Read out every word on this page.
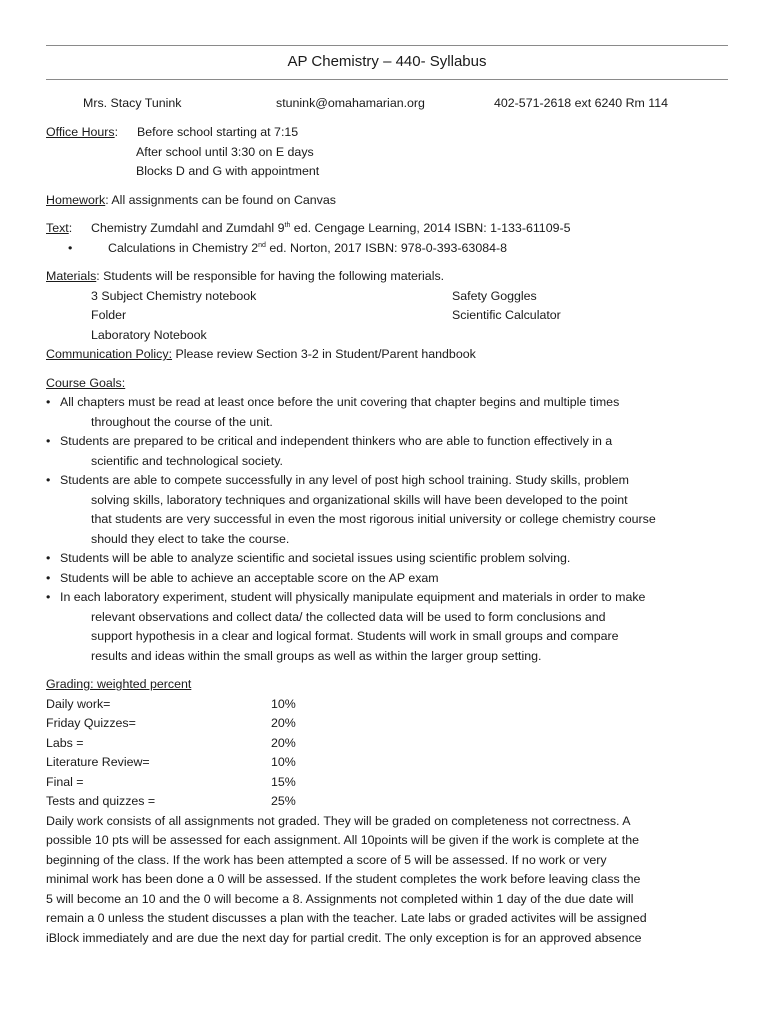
AP Chemistry – 440- Syllabus
Mrs. Stacy Tunink	stunink@omahamarian.org	402-571-2618 ext 6240 Rm 114
Office Hours: Before school starting at 7:15
After school until 3:30 on E days
Blocks D and G with appointment
Homework: All assignments can be found on Canvas
Text: Chemistry Zumdahl and Zumdahl 9th ed. Cengage Learning, 2014 ISBN: 1-133-61109-5
•	Calculations in Chemistry 2nd ed. Norton, 2017 ISBN: 978-0-393-63084-8
Materials: Students will be responsible for having the following materials.
3 Subject Chemistry notebook	Safety Goggles
Folder	Scientific Calculator
Laboratory Notebook
Communication Policy: Please review Section 3-2 in Student/Parent handbook
Course Goals:
• All chapters must be read at least once before the unit covering that chapter begins and multiple times
throughout the course of the unit.
• Students are prepared to be critical and independent thinkers who are able to function effectively in a
scientific and technological society.
• Students are able to compete successfully in any level of post high school training. Study skills, problem
solving skills, laboratory techniques and organizational skills will have been developed to the point
that students are very successful in even the most rigorous initial university or college chemistry course
should they elect to take the course.
• Students will be able to analyze scientific and societal issues using scientific problem solving.
• Students will be able to achieve an acceptable score on the AP exam
• In each laboratory experiment, student will physically manipulate equipment and materials in order to make
relevant observations and collect data/ the collected data will be used to form conclusions and
support hypothesis in a clear and logical format. Students will work in small groups and compare
results and ideas within the small groups as well as within the larger group setting.
Grading: weighted percent
Daily work=	10%
Friday Quizzes=	20%
Labs =	20%
Literature Review=	10%
Final =	15%
Tests and quizzes =	25%
Daily work consists of all assignments not graded. They will be graded on completeness not correctness. A
possible 10 pts will be assessed for each assignment. All 10points will be given if the work is complete at the
beginning of the class. If the work has been attempted a score of 5 will be assessed. If no work or very
minimal work has been done a 0 will be assessed. If the student completes the work before leaving class the
5 will become an 10 and the 0 will become a 8. Assignments not completed within 1 day of the due date will
remain a 0 unless the student discusses a plan with the teacher. Late labs or graded activites will be assigned
iBlock immediately and are due the next day for partial credit. The only exception is for an approved absence
